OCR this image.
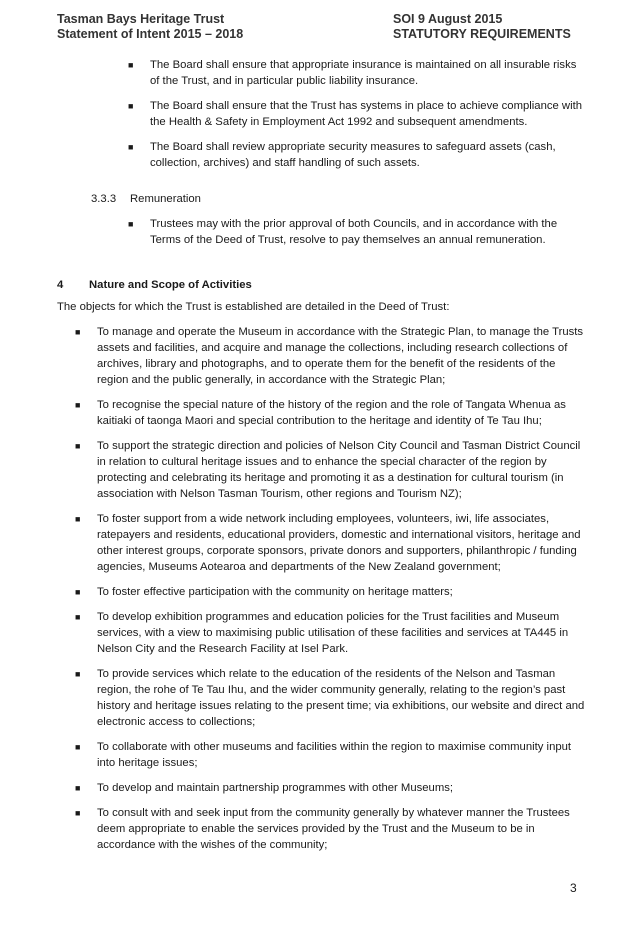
Tasman Bays Heritage Trust
Statement of Intent 2015 – 2018
SOI 9 August 2015
STATUTORY REQUIREMENTS
■ The Board shall ensure that appropriate insurance is maintained on all insurable risks of the Trust, and in particular public liability insurance.
■ The Board shall ensure that the Trust has systems in place to achieve compliance with the Health & Safety in Employment Act 1992 and subsequent amendments.
■ The Board shall review appropriate security measures to safeguard assets (cash, collection, archives) and staff handling of such assets.
3.3.3 Remuneration
■ Trustees may with the prior approval of both Councils, and in accordance with the Terms of the Deed of Trust, resolve to pay themselves an annual remuneration.
4 Nature and Scope of Activities
The objects for which the Trust is established are detailed in the Deed of Trust:
■ To manage and operate the Museum in accordance with the Strategic Plan, to manage the Trusts assets and facilities, and acquire and manage the collections, including research collections of archives, library and photographs, and to operate them for the benefit of the residents of the region and the public generally, in accordance with the Strategic Plan;
■ To recognise the special nature of the history of the region and the role of Tangata Whenua as kaitiaki of taonga Maori and special contribution to the heritage and identity of Te Tau Ihu;
■ To support the strategic direction and policies of Nelson City Council and Tasman District Council in relation to cultural heritage issues and to enhance the special character of the region by protecting and celebrating its heritage and promoting it as a destination for cultural tourism (in association with Nelson Tasman Tourism, other regions and Tourism NZ);
■ To foster support from a wide network including employees, volunteers, iwi, life associates, ratepayers and residents, educational providers, domestic and international visitors, heritage and other interest groups, corporate sponsors, private donors and supporters, philanthropic / funding agencies, Museums Aotearoa and departments of the New Zealand government;
■ To foster effective participation with the community on heritage matters;
■ To develop exhibition programmes and education policies for the Trust facilities and Museum services, with a view to maximising public utilisation of these facilities and services at TA445 in Nelson City and the Research Facility at Isel Park.
■ To provide services which relate to the education of the residents of the Nelson and Tasman region, the rohe of Te Tau Ihu, and the wider community generally, relating to the region’s past history and heritage issues relating to the present time; via exhibitions, our website and direct and electronic access to collections;
■ To collaborate with other museums and facilities within the region to maximise community input into heritage issues;
■ To develop and maintain partnership programmes with other Museums;
■ To consult with and seek input from the community generally by whatever manner the Trustees deem appropriate to enable the services provided by the Trust and the Museum to be in accordance with the wishes of the community;
3
